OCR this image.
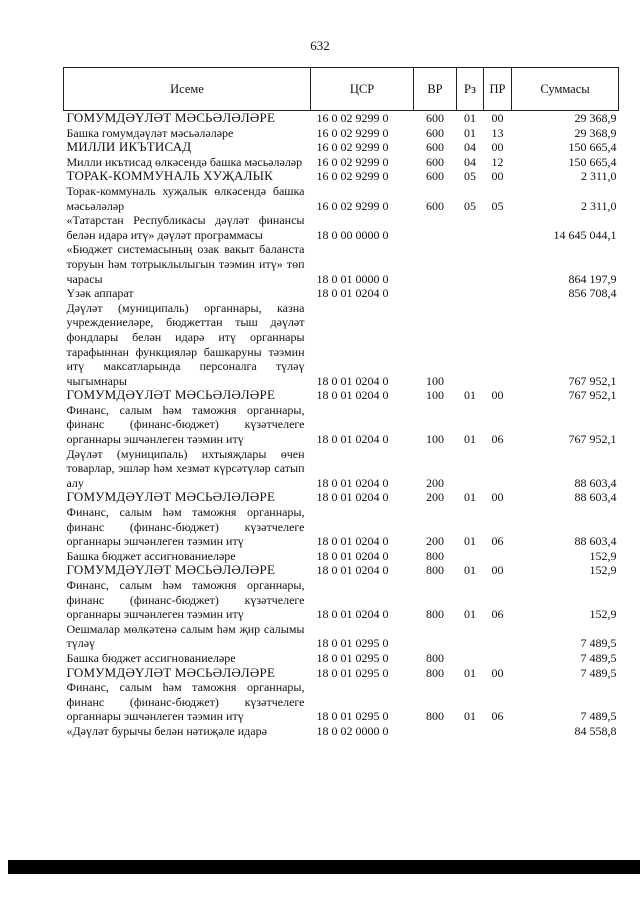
632
Исеме	ЦСР	ВР	Рз	ПР	Суммасы
ГОМУМДӘҮЛӘТ МӘСЬӘЛӘЛӘРЕ	16 0 02 9299 0	600	01	00	29 368,9
Башка гомумдәүләт мәсьәләләре	16 0 02 9299 0	600	01	13	29 368,9
МИЛЛИ ИКЪТИСАД	16 0 02 9299 0	600	04	00	150 665,4
Милли икътисад өлкәсендә башка мәсьәләләр	16 0 02 9299 0	600	04	12	150 665,4
ТОРАК-КОММУНАЛЬ ХУҖАЛЫК	16 0 02 9299 0	600	05	00	2 311,0
Торак-коммуналь хуҗалык өлкәсендә башка мәсьәләләр	16 0 02 9299 0	600	05	05	2 311,0
«Татарстан Республикасы дәүләт финансы белән идарә итү» дәүләт программасы	18 0 00 0000 0				14 645 044,1
«Бюджет системасының озак вакыт баланста торуын һәм тотрыклылыгын тәэмин итү» төп чарасы	18 0 01 0000 0				864 197,9
Үзәк аппарат	18 0 01 0204 0				856 708,4
Дәүләт (муниципаль) органнары, казна учреждениеләре, бюджеттан тыш дәүләт фондлары белән идарә итү органнары тарафыннан функцияләр башкаруны тәэмин итү максатларында персоналга түләү чыгымнары	18 0 01 0204 0	100			767 952,1
ГОМУМДӘҮЛӘТ МӘСЬӘЛӘЛӘРЕ	18 0 01 0204 0	100	01	00	767 952,1
Финанс, салым һәм таможня органнары, финанс (финанс-бюджет) күзәтчелеге органнары эшчәнлеген тәэмин итү	18 0 01 0204 0	100	01	06	767 952,1
Дәүләт (муниципаль) ихтыяҗлары өчен товарлар, эшләр һәм хезмәт күрсәтүләр сатып алу	18 0 01 0204 0	200			88 603,4
ГОМУМДӘҮЛӘТ МӘСЬӘЛӘЛӘРЕ	18 0 01 0204 0	200	01	00	88 603,4
Финанс, салым һәм таможня органнары, финанс (финанс-бюджет) күзәтчелеге органнары эшчәнлеген тәэмин итү	18 0 01 0204 0	200	01	06	88 603,4
Башка бюджет ассигнованиеләре	18 0 01 0204 0	800			152,9
ГОМУМДӘҮЛӘТ МӘСЬӘЛӘЛӘРЕ	18 0 01 0204 0	800	01	00	152,9
Финанс, салым һәм таможня органнары, финанс (финанс-бюджет) күзәтчелеге органнары эшчәнлеген тәэмин итү	18 0 01 0204 0	800	01	06	152,9
Оешмалар мөлкәтенә салым һәм җир салымы түләү	18 0 01 0295 0				7 489,5
Башка бюджет ассигнованиеләре	18 0 01 0295 0	800			7 489,5
ГОМУМДӘҮЛӘТ МӘСЬӘЛӘЛӘРЕ	18 0 01 0295 0	800	01	00	7 489,5
Финанс, салым һәм таможня органнары, финанс (финанс-бюджет) күзәтчелеге органнары эшчәнлеген тәэмин итү	18 0 01 0295 0	800	01	06	7 489,5
«Дәүләт бурычы белән нәтиҗәле идарә	18 0 02 0000 0				84 558,8
